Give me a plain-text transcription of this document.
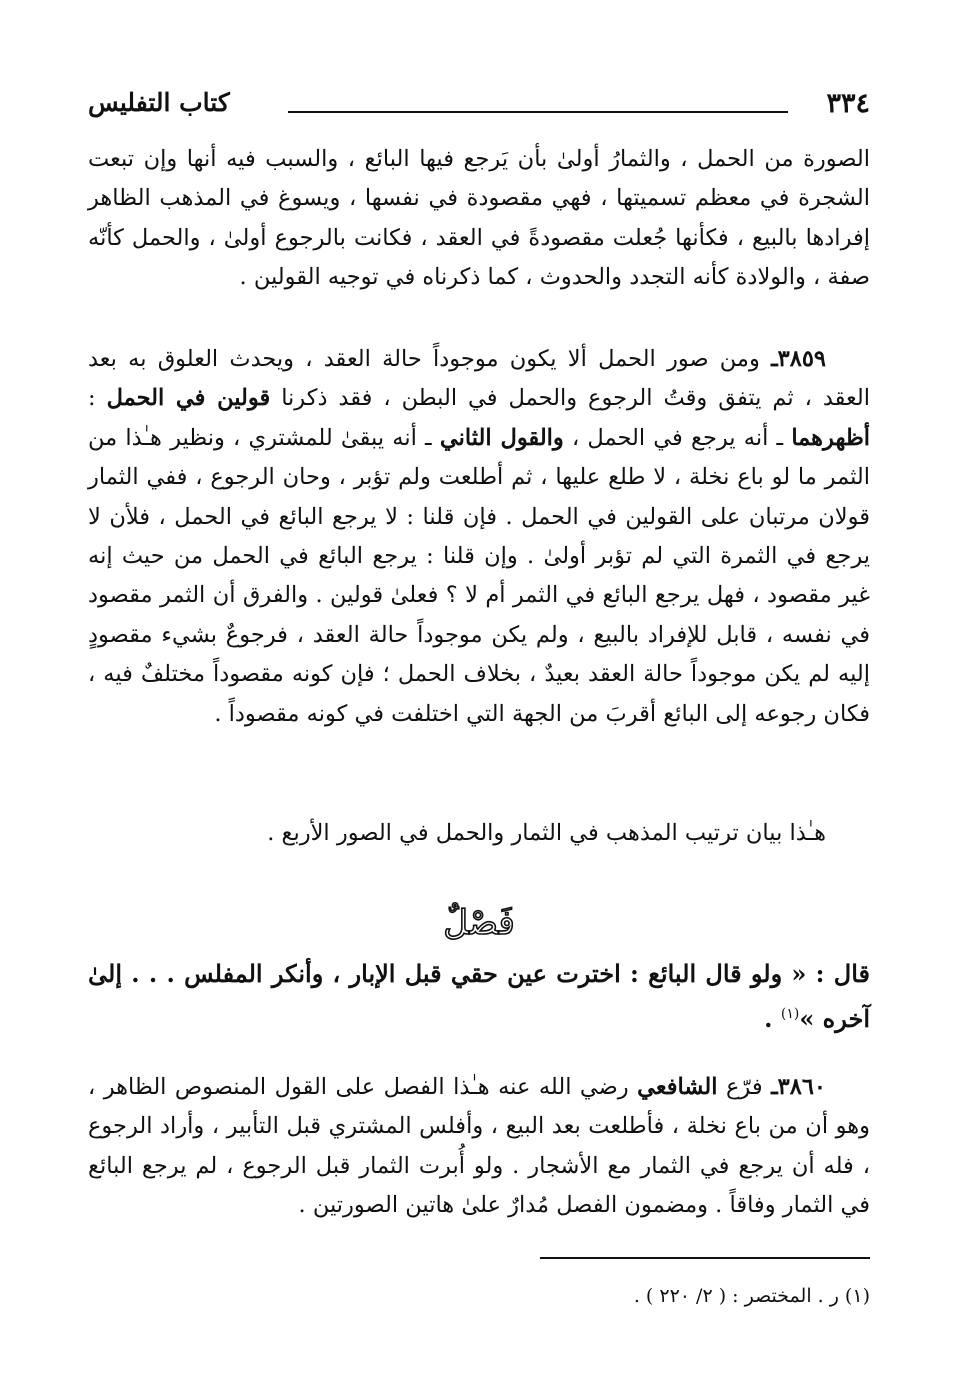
٣٣٤
كتاب التفليس

الصورة من الحمل ، والثمارُ أولىٰ بأن يَرجع فيها البائع ، والسبب فيه أنها وإن تبعت الشجرة في معظم تسميتها ، فهي مقصودة في نفسها ، ويسوغ في المذهب الظاهر إفرادها بالبيع ، فكأنها جُعلت مقصودةً في العقد ، فكانت بالرجوع أولىٰ ، والحمل كأنّه صفة ، والولادة كأنه التجدد والحدوث ، كما ذكرناه في توجيه القولين .

٣٨٥٩ـ ومن صور الحمل ألا يكون موجوداً حالة العقد ، ويحدث العلوق به بعد العقد ، ثم يتفق وقتُ الرجوع والحمل في البطن ، فقد ذكرنا قولين في الحمل : أظهرهما ـ أنه يرجع في الحمل ، والقول الثاني ـ أنه يبقىٰ للمشتري ، ونظير هـٰذا من الثمر ما لو باع نخلة ، لا طلع عليها ، ثم أطلعت ولم تؤبر ، وحان الرجوع ، ففي الثمار قولان مرتبان على القولين في الحمل . فإن قلنا : لا يرجع البائع في الحمل ، فلأن لا يرجع في الثمرة التي لم تؤبر أولىٰ . وإن قلنا : يرجع البائع في الحمل من حيث إنه غير مقصود ، فهل يرجع البائع في الثمر أم لا ؟ فعلىٰ قولين . والفرق أن الثمر مقصود في نفسه ، قابل للإفراد بالبيع ، ولم يكن موجوداً حالة العقد ، فرجوعٌ بشيء مقصودٍ إليه لم يكن موجوداً حالة العقد بعيدٌ ، بخلاف الحمل ؛ فإن كونه مقصوداً مختلفٌ فيه ، فكان رجوعه إلى البائع أقربَ من الجهة التي اختلفت في كونه مقصوداً .

هـٰذا بيان ترتيب المذهب في الثمار والحمل في الصور الأربع .

فَصْلٌ
قال : « ولو قال البائع : اخترت عين حقي قبل الإبار ، وأنكر المفلس . . . إلىٰ آخره »$^{(١)}$ .

٣٨٦٠ـ فرّع الشافعي رضي الله عنه هـٰذا الفصل على القول المنصوص الظاهر ، وهو أن من باع نخلة ، فأطلعت بعد البيع ، وأفلس المشتري قبل التأبير ، وأراد الرجوع ، فله أن يرجع في الثمار مع الأشجار . ولو أُبرت الثمار قبل الرجوع ، لم يرجع البائع في الثمار وفاقاً . ومضمون الفصل مُدارٌ علىٰ هاتين الصورتين .

(١) ر . المختصر : ( ٢/ ٢٢٠ ) .
